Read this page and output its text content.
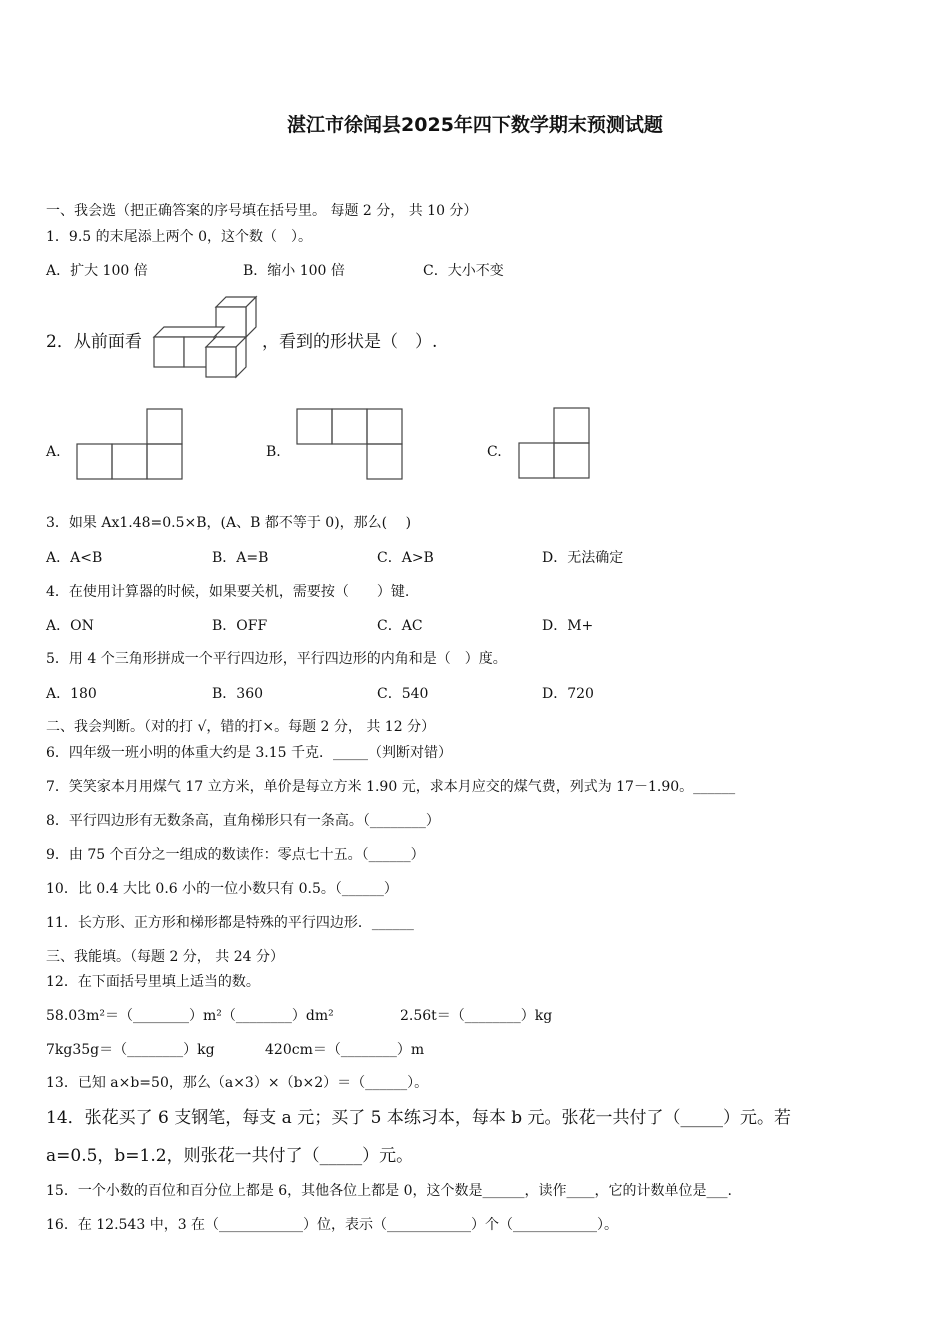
湛江市徐闻县2025年四下数学期末预测试题
一、我会选（把正确答案的序号填在括号里。 每题 2 分， 共 10 分）
1．9.5 的末尾添上两个 0，这个数（　）。
A．扩大 100 倍	B．缩小 100 倍	C．大小不变
2．从前面看	，看到的形状是（　）.
A.	B.	C.
3．如果 Ax1.48=0.5×B，(A、B 都不等于 0)，那么(　 )
A．A<B	B．A=B	C．A>B	D．无法确定
4．在使用计算器的时候，如果要关机，需要按（　　）键.
A．ON	B．OFF	C．AC	D．M+
5．用 4 个三角形拼成一个平行四边形，平行四边形的内角和是（　）度。
A．180	B．360	C．540	D．720
二、我会判断。（对的打 √，错的打×。每题 2 分， 共 12 分）
6．四年级一班小明的体重大约是 3.15 千克．_____（判断对错）
7．笑笑家本月用煤气 17 立方米，单价是每立方米 1.90 元，求本月应交的煤气费，列式为 17－1.90。______
8．平行四边形有无数条高，直角梯形只有一条高。（________）
9．由 75 个百分之一组成的数读作：零点七十五。（______）
10．比 0.4 大比 0.6 小的一位小数只有 0.5。（______）
11．长方形、正方形和梯形都是特殊的平行四边形．______
三、我能填。（每题 2 分， 共 24 分）
12．在下面括号里填上适当的数。
58.03m²＝（________）m²（________）dm²	2.56t＝（________）kg
7kg35g＝（________）kg	420cm＝（________）m
13．已知 a×b=50，那么（a×3）×（b×2）＝（______）。
14．张花买了 6 支钢笔，每支 a 元；买了 5 本练习本，每本 b 元。张花一共付了（_____）元。若
a=0.5，b=1.2，则张花一共付了（_____）元。
15．一个小数的百位和百分位上都是 6，其他各位上都是 0，这个数是______，读作____，它的计数单位是___.
16．在 12.543 中，3 在（____________）位，表示（____________）个（____________）。
